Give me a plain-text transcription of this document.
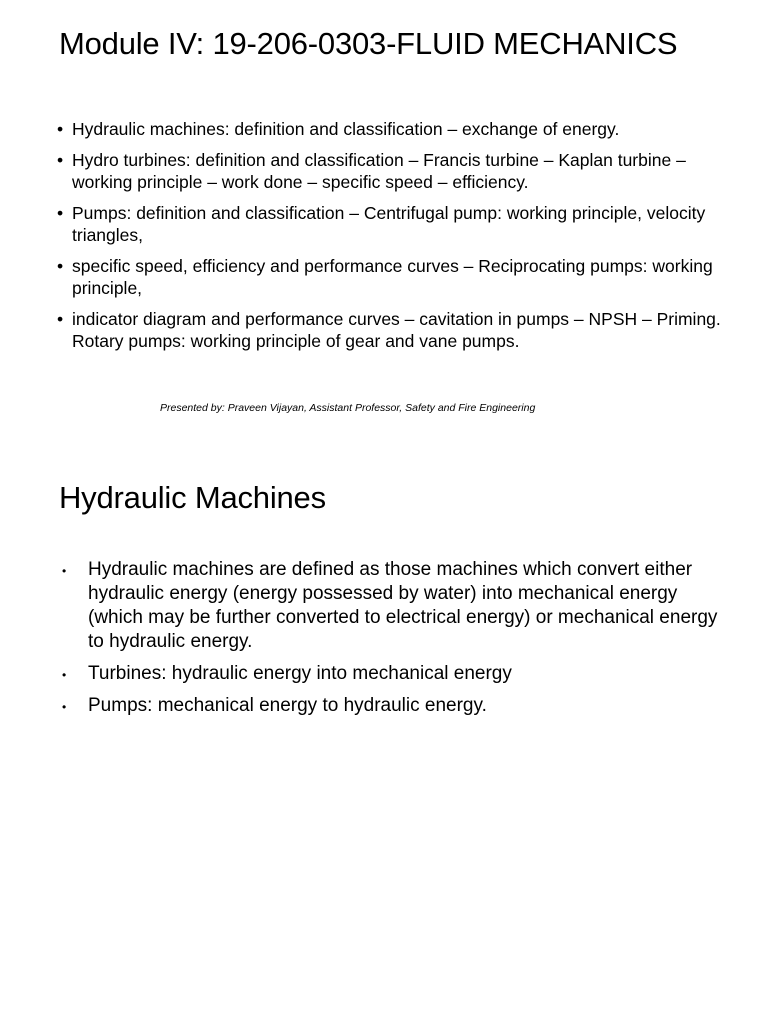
Module IV: 19-206-0303-FLUID MECHANICS
• Hydraulic machines: definition and classification – exchange of energy.
• Hydro turbines: definition and classification – Francis turbine – Kaplan turbine – working principle – work done – specific speed – efficiency.
• Pumps: definition and classification – Centrifugal pump: working principle, velocity triangles,
• specific speed, efficiency and performance curves – Reciprocating pumps: working principle,
• indicator diagram and performance curves – cavitation in pumps – NPSH – Priming. Rotary pumps: working principle of gear and vane pumps.
Presented by: Praveen Vijayan, Assistant Professor, Safety and Fire Engineering
Hydraulic Machines
• Hydraulic machines are defined as those machines which convert either hydraulic energy (energy possessed by water) into mechanical energy (which may be further converted to electrical energy) or mechanical energy to hydraulic energy.
• Turbines: hydraulic energy into mechanical energy
• Pumps: mechanical energy to hydraulic energy.
